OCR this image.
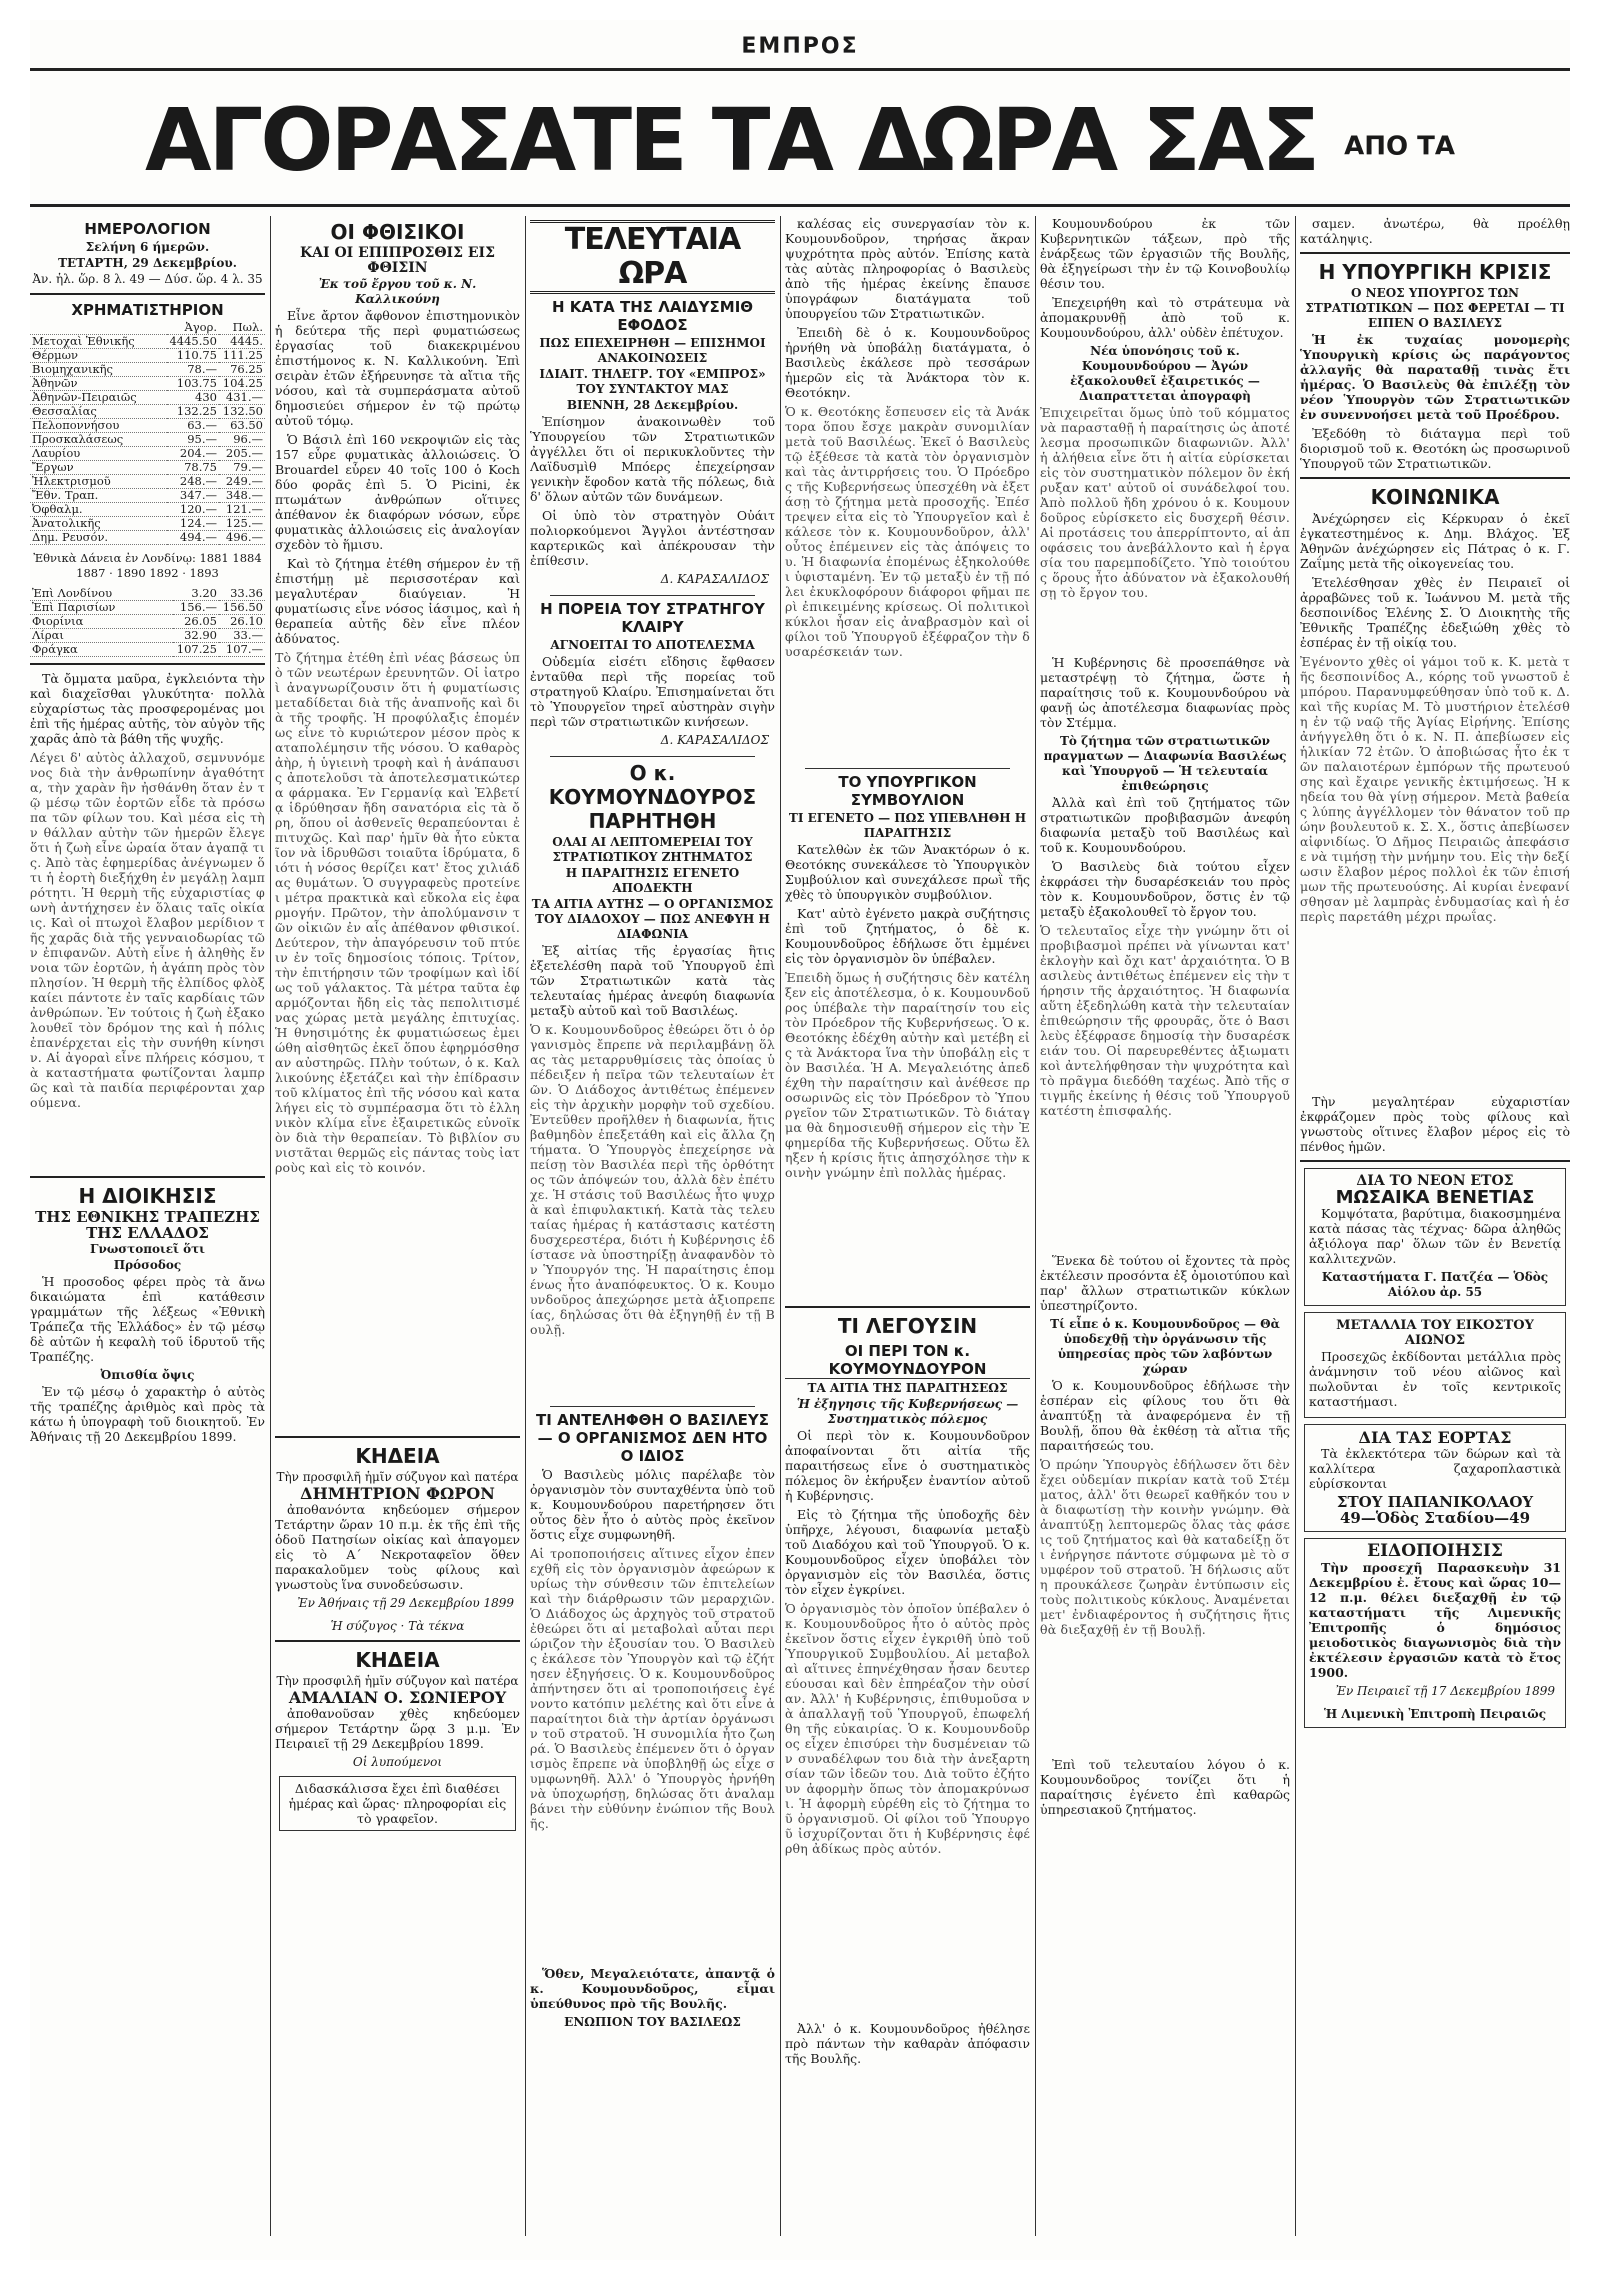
ΕΜΠΡΟΣ
ΑΓΟΡΑΣΑΤΕ ΤΑ ΔΩΡΑ ΣΑΣ ΑΠΟ ΤΑ
ΗΜΕΡΟΛΟΓΙΟΝ
Σελήνη 6 ήμερῶν.
ΤΕΤΑΡΤΗ, 29 Δεκεμβρίου.
Ἀν. ἡλ. ὥρ. 8 λ. 49 — Δύσ. ὥρ. 4 λ. 35
ΧΡΗΜΑΤΙΣΤΗΡΙΟΝ
	Ἀγορ.	Πωλ.
Μετοχαὶ Ἐθνικῆς	4445.50	4445.
Θέρμων	110.75	111.25
Βιομηχανικῆς	78.—	76.25
Ἀθηνῶν	103.75	104.25
Ἀθηνῶν-Πειραιῶς	430	431.—
Θεσσαλίας	132.25	132.50
Πελοποννήσου	63.—	63.50
Προσκαλάσεως	95.—	96.—
Λαυρίου	204.—	205.—
Ἔργων	78.75	79.—
Ἠλεκτρισμοῦ	248.—	249.—
Ἔθν. Τραπ.	347.—	348.—
Ὀφθαλμ.	120.—	121.—
Ἀνατολικῆς	124.—	125.—
Δημ. Ρευσόν.	494.—	496.—
Ἐθνικὰ Δάνεια ἐν Λονδίνῳ: 1881 1884 1887 · 1890 1892 · 1893
Ἐπὶ Λονδίνου	3.20	33.36
Ἐπὶ Παρισίων	156.—	156.50
Φιορίνια	26.05	26.10
Λίραι	32.90	33.—
Φράγκα	107.25	107.—

Τὰ ὄμματα μαῦρα, ἐγκλειόντα τὴν καὶ διαχεῖσθαι γλυκύτητα· πολλὰ εὐχαρίστως τὰς προσφερομένας μοι ἐπὶ τῆς ἡμέρας αὐτῆς, τὸν αὐγὸν τῆς χαρᾶς ἀπὸ τὰ βάθη τῆς ψυχῆς.

Λέγει δ' αὐτὸς ἀλλαχοῦ, σεμνυνόμενος διὰ τὴν ἀνθρωπίνην ἀγαθότητα, τὴν χαρὰν ἣν ἠσθάνθη ὅταν ἐν τῷ μέσῳ τῶν ἐορτῶν εἶδε τὰ πρόσωπα τῶν φίλων του. Καὶ μέσα εἰς τὴν θάλλαν αὐτὴν τῶν ἡμερῶν ἔλεγε ὅτι ἡ ζωὴ εἶνε ὡραία ὅταν ἀγαπᾷ τις. Ἀπὸ τὰς ἐφημερίδας ἀνέγνωμεν ὅτι ἡ ἐορτὴ διεξήχθη ἐν μεγάλῃ λαμπρότητι. Ἡ θερμὴ τῆς εὐχαριστίας φωνὴ ἀντήχησεν ἐν ὅλαις ταῖς οἰκίαις. Καὶ οἱ πτωχοὶ ἔλαβον μερίδιον τῆς χαρᾶς διὰ τῆς γενναιοδωρίας τῶν ἐπιφανῶν. Αὐτὴ εἶνε ἡ ἀληθὴς ἔννοια τῶν ἐορτῶν, ἡ ἀγάπη πρὸς τὸν πλησίον. Ἡ θερμὴ τῆς ἐλπίδος φλὸξ καίει πάντοτε ἐν ταῖς καρδίαις τῶν ἀνθρώπων. Ἐν τούτοις ἡ ζωὴ ἐξακολουθεῖ τὸν δρόμον της καὶ ἡ πόλις ἐπανέρχεται εἰς τὴν συνήθη κίνησιν. Αἱ ἀγοραὶ εἶνε πλήρεις κόσμου, τὰ καταστήματα φωτίζονται λαμπρῶς καὶ τὰ παιδία περιφέρονται χαρούμενα.
Η ΔΙΟΙΚΗΣΙΣ
ΤΗΣ ΕΘΝΙΚΗΣ ΤΡΑΠΕΖΗΣ
ΤΗΣ ΕΛΛΑΔΟΣ
Γνωστοποιεῖ ὅτι
Πρόσοδος

Ἡ προσοδος φέρει πρὸς τὰ ἄνω δικαιώματα ἐπὶ κατάθεσιν γραμμάτων τῆς λέξεως «Ἐθνικὴ Τράπεζα τῆς Ἑλλάδος» ἐν τῷ μέσῳ δὲ αὐτῶν ἡ κεφαλὴ τοῦ ἱδρυτοῦ τῆς Τραπέζης.

Ὀπισθία ὄψις

Ἐν τῷ μέσῳ ὁ χαρακτὴρ ὁ αὐτὸς τῆς τραπέζης ἀριθμὸς καὶ πρὸς τὰ κάτω ἡ ὑπογραφὴ τοῦ διοικητοῦ. Ἐν Ἀθήναις τῇ 20 Δεκεμβρίου 1899.

ΟΙ ΦΘΙΣΙΚΟΙ
ΚΑΙ ΟΙ ΕΠΙΠΡΟΣΘΙΣ ΕΙΣ ΦΘΙΣΙΝ
Ἐκ τοῦ ἔργου τοῦ κ. Ν. Καλλικούνη

Εἶνε ἄρτον ἄφθονον ἐπιστημονικὸν ἡ δεύτερα τῆς περὶ φυματιώσεως ἐργασίας τοῦ διακεκριμένου ἐπιστήμονος κ. Ν. Καλλικούνη. Ἐπὶ σειρὰν ἐτῶν ἐξήρευνησε τὰ αἴτια τῆς νόσου, καὶ τὰ συμπεράσματα αὐτοῦ δημοσιεύει σήμερον ἐν τῷ πρώτῳ αὐτοῦ τόμῳ.

Ὁ Βάσιλ ἐπὶ 160 νεκροψιῶν εἰς τὰς 157 εὗρε φυματικὰς ἀλλοιώσεις. Ὁ Brouardel εὗρεν 40 τοῖς 100 ὁ Koch δύο φορᾶς ἐπὶ 5. Ὁ Picini, ἐκ πτωμάτων ἀνθρώπων οἵτινες ἀπέθανον ἐκ διαφόρων νόσων, εὗρε φυματικὰς ἀλλοιώσεις εἰς ἀναλογίαν σχεδὸν τὸ ἥμισυ.

Καὶ τὸ ζήτημα ἐτέθη σήμερον ἐν τῇ ἐπιστήμῃ μὲ περισσοτέραν καὶ μεγαλυτέραν διαύγειαν. Ἡ φυματίωσις εἶνε νόσος ἰάσιμος, καὶ ἡ θεραπεία αὐτῆς δὲν εἶνε πλέον ἀδύνατος.

Τὸ ζήτημα ἐτέθη ἐπὶ νέας βάσεως ὑπὸ τῶν νεωτέρων ἐρευνητῶν. Οἱ ἰατροὶ ἀναγνωρίζουσιν ὅτι ἡ φυματίωσις μεταδίδεται διὰ τῆς ἀναπνοῆς καὶ διὰ τῆς τροφῆς. Ἡ προφύλαξις ἑπομένως εἶνε τὸ κυριώτερον μέσον πρὸς καταπολέμησιν τῆς νόσου. Ὁ καθαρὸς ἀὴρ, ἡ ὑγιεινὴ τροφὴ καὶ ἡ ἀνάπαυσις ἀποτελοῦσι τὰ ἀποτελεσματικώτερα φάρμακα. Ἐν Γερμανίᾳ καὶ Ἑλβετίᾳ ἱδρύθησαν ἤδη σανατόρια εἰς τὰ ὄρη, ὅπου οἱ ἀσθενεῖς θεραπεύονται ἐπιτυχῶς. Καὶ παρ' ἡμῖν θὰ ἦτο εὐκταῖον νὰ ἱδρυθῶσι τοιαῦτα ἱδρύματα, διότι ἡ νόσος θερίζει κατ' ἔτος χιλιάδας θυμάτων. Ὁ συγγραφεὺς προτείνει μέτρα πρακτικὰ καὶ εὔκολα εἰς ἐφαρμογήν. Πρῶτον, τὴν ἀπολύμανσιν τῶν οἰκιῶν ἐν αἷς ἀπέθανον φθισικοί. Δεύτερον, τὴν ἀπαγόρευσιν τοῦ πτύειν ἐν τοῖς δημοσίοις τόποις. Τρίτον, τὴν ἐπιτήρησιν τῶν τροφίμων καὶ ἰδίως τοῦ γάλακτος. Τὰ μέτρα ταῦτα ἐφαρμόζονται ἤδη εἰς τὰς πεπολιτισμένας χώρας μετὰ μεγάλης ἐπιτυχίας. Ἡ θνησιμότης ἐκ φυματιώσεως ἐμειώθη αἰσθητῶς ἐκεῖ ὅπου ἐφηρμόσθησαν αὐστηρῶς. Πλὴν τούτων, ὁ κ. Καλλικούνης ἐξετάζει καὶ τὴν ἐπίδρασιν τοῦ κλίματος ἐπὶ τῆς νόσου καὶ καταλήγει εἰς τὸ συμπέρασμα ὅτι τὸ ἑλληνικὸν κλίμα εἶνε ἐξαιρετικῶς εὐνοϊκὸν διὰ τὴν θεραπείαν. Τὸ βιβλίον συνιστᾶται θερμῶς εἰς πάντας τοὺς ἰατροὺς καὶ εἰς τὸ κοινόν.
ΚΗΔΕΙΑ
Τὴν προσφιλῆ ἡμῖν σύζυγον καὶ πατέρα
ΔΗΜΗΤΡΙΟΝ ΦΩΡΟΝ

ἀποθανόντα κηδεύομεν σήμερον Τετάρτην ὥραν 10 π.μ. ἐκ τῆς ἐπὶ τῆς ὁδοῦ Πατησίων οἰκίας καὶ ἀπαγομεν εἰς τὸ Α΄ Νεκροταφεῖον ὅθεν παρακαλοῦμεν τοὺς φίλους καὶ γνωστοὺς ἵνα συνοδεύσωσιν.

Ἐν Ἀθήναις τῇ 29 Δεκεμβρίου 1899
Ἡ σύζυγος · Τὰ τέκνα
ΚΗΔΕΙΑ
Τὴν προσφιλῆ ἡμῖν σύζυγον καὶ πατέρα
ΑΜΑΛΙΑΝ Ο. ΣΩΝΙΕΡΟΥ

ἀποθανοῦσαν χθὲς κηδεύομεν σήμερον Τετάρτην ὥρᾳ 3 μ.μ. Ἐν Πειραιεῖ τῇ 29 Δεκεμβρίου 1899.

Οἱ λυπούμενοι
Διδασκάλισσα ἔχει ἐπὶ διαθέσει ἡμέρας καὶ ὥρας· πληροφορίαι εἰς τὸ γραφεῖον.
ΤΕΛΕΥΤΑΙΑ ΩΡΑ
Η ΚΑΤΑ ΤΗΣ ΛΑΙΔΥΣΜΙΘ ΕΦΟΔΟΣ
ΠΩΣ ΕΠΕΧΕΙΡΗΘΗ — ΕΠΙΣΗΜΟΙ ΑΝΑΚΟΙΝΩΣΕΙΣ
ΙΔΙΑΙΤ. ΤΗΛΕΓΡ. ΤΟΥ «ΕΜΠΡΟΣ» ΤΟΥ ΣΥΝΤΑΚΤΟΥ ΜΑΣ
ΒΙΕΝΝΗ, 28 Δεκεμβρίου.

Ἐπίσημον ἀνακοινωθὲν τοῦ Ὑπουργείου τῶν Στρατιωτικῶν ἀγγέλλει ὅτι οἱ περικυκλοῦντες τὴν Λαϊδυσμὶθ Μπόερς ἐπεχείρησαν γενικὴν ἔφοδον κατὰ τῆς πόλεως, διὰ δ' ὅλων αὐτῶν τῶν δυνάμεων.

Οἱ ὑπὸ τὸν στρατηγὸν Οὐάιτ πολιορκούμενοι Ἄγγλοι ἀντέστησαν καρτερικῶς καὶ ἀπέκρουσαν τὴν ἐπίθεσιν.

Δ. ΚΑΡΑΣΑΛΙΔΟΣ
Η ΠΟΡΕΙΑ ΤΟΥ ΣΤΡΑΤΗΓΟΥ ΚΛΑΙΡΥ
ΑΓΝΟΕΙΤΑΙ ΤΟ ΑΠΟΤΕΛΕΣΜΑ

Οὐδεμία εἰσέτι εἴδησις ἔφθασεν ἐνταῦθα περὶ τῆς πορείας τοῦ στρατηγοῦ Κλαίρυ. Ἐπισημαίνεται ὅτι τὸ Ὑπουργεῖον τηρεῖ αὐστηρὰν σιγὴν περὶ τῶν στρατιωτικῶν κινήσεων.

Δ. ΚΑΡΑΣΑΛΙΔΟΣ
Ο κ. ΚΟΥΜΟΥΝΔΟΥΡΟΣ ΠΑΡΗΤΗΘΗ
ΟΛΑΙ ΑΙ ΛΕΠΤΟΜΕΡΕΙΑΙ ΤΟΥ ΣΤΡΑΤΙΩΤΙΚΟΥ ΖΗΤΗΜΑΤΟΣ
Η ΠΑΡΑΙΤΗΣΙΣ ΕΓΕΝΕΤΟ ΑΠΟΔΕΚΤΗ
ΤΑ ΑΙΤΙΑ ΑΥΤΗΣ — Ο ΟΡΓΑΝΙΣΜΟΣ ΤΟΥ ΔΙΑΔΟΧΟΥ — ΠΩΣ ΑΝΕΦΥΗ Η ΔΙΑΦΩΝΙΑ

Ἐξ αἰτίας τῆς ἐργασίας ἣτις ἐξετελέσθη παρὰ τοῦ Ὑπουργοῦ ἐπὶ τῶν Στρατιωτικῶν κατὰ τὰς τελευταίας ἡμέρας ἀνεφύη διαφωνία μεταξὺ αὐτοῦ καὶ τοῦ Βασιλέως.

Ὁ κ. Κουμουνδοῦρος ἐθεώρει ὅτι ὁ ὀργανισμὸς ἔπρεπε νὰ περιλαμβάνῃ ὅλας τὰς μεταρρυθμίσεις τὰς ὁποίας ὑπέδειξεν ἡ πεῖρα τῶν τελευταίων ἐτῶν. Ὁ Διάδοχος ἀντιθέτως ἐπέμενεν εἰς τὴν ἀρχικὴν μορφὴν τοῦ σχεδίου. Ἐντεῦθεν προῆλθεν ἡ διαφωνία, ἥτις βαθμηδὸν ἐπεξετάθη καὶ εἰς ἄλλα ζητήματα. Ὁ Ὑπουργὸς ἐπεχείρησε νὰ πείσῃ τὸν Βασιλέα περὶ τῆς ὀρθότητος τῶν ἀπόψεών του, ἀλλὰ δὲν ἐπέτυχε. Ἡ στάσις τοῦ Βασιλέως ἦτο ψυχρὰ καὶ ἐπιφυλακτική. Κατὰ τὰς τελευταίας ἡμέρας ἡ κατάστασις κατέστη δυσχερεστέρα, διότι ἡ Κυβέρνησις ἐδίστασε νὰ ὑποστηρίξῃ ἀναφανδὸν τὸν Ὑπουργόν της. Ἡ παραίτησις ἑπομένως ἦτο ἀναπόφευκτος. Ὁ κ. Κουμουνδοῦρος ἀπεχώρησε μετὰ ἀξιοπρεπείας, δηλώσας ὅτι θὰ ἐξηγηθῇ ἐν τῇ Βουλῇ.
ΤΙ ΑΝΤΕΛΗΦΘΗ Ο ΒΑΣΙΛΕΥΣ — Ο ΟΡΓΑΝΙΣΜΟΣ ΔΕΝ ΗΤΟ Ο ΙΔΙΟΣ

Ὁ Βασιλεὺς μόλις παρέλαβε τὸν ὀργανισμὸν τὸν συνταχθέντα ὑπὸ τοῦ κ. Κουμουνδούρου παρετήρησεν ὅτι οὗτος δὲν ἦτο ὁ αὐτὸς πρὸς ἐκεῖνον ὅστις εἶχε συμφωνηθῆ.

Αἱ τροποποιήσεις αἵτινες εἶχον ἐπενεχθῆ εἰς τὸν ὀργανισμὸν ἀφεώρων κυρίως τὴν σύνθεσιν τῶν ἐπιτελείων καὶ τὴν διάρθρωσιν τῶν μεραρχιῶν. Ὁ Διάδοχος ὡς ἀρχηγὸς τοῦ στρατοῦ ἐθεώρει ὅτι αἱ μεταβολαὶ αὗται περιώριζον τὴν ἐξουσίαν του. Ὁ Βασιλεὺς ἐκάλεσε τὸν Ὑπουργὸν καὶ τῷ ἐζήτησεν ἐξηγήσεις. Ὁ κ. Κουμουνδοῦρος ἀπήντησεν ὅτι αἱ τροποποιήσεις ἐγένοντο κατόπιν μελέτης καὶ ὅτι εἶνε ἀπαραίτητοι διὰ τὴν ἀρτίαν ὀργάνωσιν τοῦ στρατοῦ. Ἡ συνομιλία ἦτο ζωηρά. Ὁ Βασιλεὺς ἐπέμενεν ὅτι ὁ ὀργανισμὸς ἔπρεπε νὰ ὑποβληθῇ ὡς εἶχε συμφωνηθῆ. Ἀλλ' ὁ Ὑπουργὸς ἠρνήθη νὰ ὑποχωρήσῃ, δηλώσας ὅτι ἀναλαμβάνει τὴν εὐθύνην ἐνώπιον τῆς Βουλῆς.

Ὅθεν, Μεγαλειότατε, ἀπαντᾷ ὁ κ. Κουμουνδοῦρος, εἶμαι ὑπεύθυνος πρὸ τῆς Βουλῆς.

ΕΝΩΠΙΟΝ ΤΟΥ ΒΑΣΙΛΕΩΣ

καλέσας εἰς συνεργασίαν τὸν κ. Κουμουνδοῦρον, τηρήσας ἄκραν ψυχρότητα πρὸς αὐτόν. Ἐπίσης κατὰ τὰς αὐτὰς πληροφορίας ὁ Βασιλεὺς ἀπὸ τῆς ἡμέρας ἐκείνης ἔπαυσε ὑπογράφων διατάγματα τοῦ ὑπουργείου τῶν Στρατιωτικῶν.

Ἐπειδὴ δὲ ὁ κ. Κουμουνδοῦρος ἠρνήθη νὰ ὑποβάλῃ διατάγματα, ὁ Βασιλεὺς ἐκάλεσε πρὸ τεσσάρων ἡμερῶν εἰς τὰ Ἀνάκτορα τὸν κ. Θεοτόκην.

Ὁ κ. Θεοτόκης ἔσπευσεν εἰς τὰ Ἀνάκτορα ὅπου ἔσχε μακρὰν συνομιλίαν μετὰ τοῦ Βασιλέως. Ἐκεῖ ὁ Βασιλεὺς τῷ ἐξέθεσε τὰ κατὰ τὸν ὀργανισμὸν καὶ τὰς ἀντιρρήσεις του. Ὁ Πρόεδρος τῆς Κυβερνήσεως ὑπεσχέθη νὰ ἐξετάσῃ τὸ ζήτημα μετὰ προσοχῆς. Ἐπέστρεψεν εἶτα εἰς τὸ Ὑπουργεῖον καὶ ἐκάλεσε τὸν κ. Κουμουνδοῦρον, ἀλλ' οὗτος ἐπέμεινεν εἰς τὰς ἀπόψεις του. Ἡ διαφωνία ἐπομένως ἐξηκολούθει ὑφισταμένη. Ἐν τῷ μεταξὺ ἐν τῇ πόλει ἐκυκλοφόρουν διάφοροι φῆμαι περὶ ἐπικειμένης κρίσεως. Οἱ πολιτικοὶ κύκλοι ἦσαν εἰς ἀναβρασμὸν καὶ οἱ φίλοι τοῦ Ὑπουργοῦ ἐξέφραζον τὴν δυσαρέσκειάν των.
ΤΟ ΥΠΟΥΡΓΙΚΟΝ ΣΥΜΒΟΥΛΙΟΝ
ΤΙ ΕΓΕΝΕΤΟ — ΠΩΣ ΥΠΕΒΛΗΘΗ Η ΠΑΡΑΙΤΗΣΙΣ

Κατελθὼν ἐκ τῶν Ἀνακτόρων ὁ κ. Θεοτόκης συνεκάλεσε τὸ Ὑπουργικὸν Συμβούλιον καὶ συνεχάλεσε πρωῒ τῆς χθὲς τὸ ὑπουργικὸν συμβούλιον.

Κατ' αὐτὸ ἐγένετο μακρὰ συζήτησις ἐπὶ τοῦ ζητήματος, ὁ δὲ κ. Κουμουνδοῦρος ἐδήλωσε ὅτι ἐμμένει εἰς τὸν ὀργανισμὸν ὃν ὑπέβαλεν.

Ἐπειδὴ ὅμως ἡ συζήτησις δὲν κατέληξεν εἰς ἀποτέλεσμα, ὁ κ. Κουμουνδοῦρος ὑπέβαλε τὴν παραίτησίν του εἰς τὸν Πρόεδρον τῆς Κυβερνήσεως. Ὁ κ. Θεοτόκης ἐδέχθη αὐτὴν καὶ μετέβη εἰς τὰ Ἀνάκτορα ἵνα τὴν ὑποβάλῃ εἰς τὸν Βασιλέα. Ἡ Α. Μεγαλειότης ἀπεδέχθη τὴν παραίτησιν καὶ ἀνέθεσε προσωρινῶς εἰς τὸν Πρόεδρον τὸ Ὑπουργεῖον τῶν Στρατιωτικῶν. Τὸ διάταγμα θὰ δημοσιευθῇ σήμερον εἰς τὴν Ἐφημερίδα τῆς Κυβερνήσεως. Οὕτω ἔληξεν ἡ κρίσις ἥτις ἀπησχόλησε τὴν κοινὴν γνώμην ἐπὶ πολλὰς ἡμέρας.
ΤΙ ΛΕΓΟΥΣΙΝ
ΟΙ ΠΕΡΙ ΤΟΝ κ. ΚΟΥΜΟΥΝΔΟΥΡΟΝ
ΤΑ ΑΙΤΙΑ ΤΗΣ ΠΑΡΑΙΤΗΣΕΩΣ
Ἡ ἐξηγησις τῆς Κυβερνήσεως — Συστηματικὸς πόλεμος

Οἱ περὶ τὸν κ. Κουμουνδοῦρον ἀποφαίνονται ὅτι αἰτία τῆς παραιτήσεως εἶνε ὁ συστηματικὸς πόλεμος ὃν ἐκήρυξεν ἐναντίον αὐτοῦ ἡ Κυβέρνησις.

Εἰς τὸ ζήτημα τῆς ὑποδοχῆς δὲν ὑπῆρχε, λέγουσι, διαφωνία μεταξὺ τοῦ Διαδόχου καὶ τοῦ Ὑπουργοῦ. Ὁ κ. Κουμουνδοῦρος εἶχεν ὑποβάλει τὸν ὀργανισμὸν εἰς τὸν Βασιλέα, ὅστις τὸν εἶχεν ἐγκρίνει.

Ὁ ὀργανισμὸς τὸν ὁποῖον ὑπέβαλεν ὁ κ. Κουμουνδοῦρος ἦτο ὁ αὐτὸς πρὸς ἐκεῖνον ὅστις εἶχεν ἐγκριθῆ ὑπὸ τοῦ Ὑπουργικοῦ Συμβουλίου. Αἱ μεταβολαὶ αἵτινες ἐπηνέχθησαν ἦσαν δευτερεύουσαι καὶ δὲν ἐπηρέαζον τὴν οὐσίαν. Ἀλλ' ἡ Κυβέρνησις, ἐπιθυμοῦσα νὰ ἀπαλλαγῇ τοῦ Ὑπουργοῦ, ἐπωφελήθη τῆς εὐκαιρίας. Ὁ κ. Κουμουνδοῦρος εἶχεν ἐπισύρει τὴν δυσμένειαν τῶν συναδέλφων του διὰ τὴν ἀνεξαρτησίαν τῶν ἰδεῶν του. Διὰ τοῦτο ἐζήτουν ἀφορμὴν ὅπως τὸν ἀπομακρύνωσι. Ἡ ἀφορμὴ εὑρέθη εἰς τὸ ζήτημα τοῦ ὀργανισμοῦ. Οἱ φίλοι τοῦ Ὑπουργοῦ ἰσχυρίζονται ὅτι ἡ Κυβέρνησις ἐφέρθη ἀδίκως πρὸς αὐτόν.

Ἀλλ' ὁ κ. Κουμουνδοῦρος ἠθέλησε πρὸ πάντων τὴν καθαρὰν ἀπόφασιν τῆς Βουλῆς.

Κουμουνδούρου ἐκ τῶν Κυβερνητικῶν τάξεων, πρὸ τῆς ἐνάρξεως τῶν ἐργασιῶν τῆς Βουλῆς, θὰ ἐξηγείρωσι τὴν ἐν τῷ Κοινοβουλίῳ θέσιν του.

Ἐπεχειρήθη καὶ τὸ στράτευμα νὰ ἀπομακρυνθῇ ἀπὸ τοῦ κ. Κουμουνδούρου, ἀλλ' οὐδὲν ἐπέτυχον.

Νέα ὑπονόησις τοῦ κ. Κουμουνδούρου — Ἀγών ἐξακολουθεῖ ἐξαιρετικός — Διαπραττεται ἀπογραφὴ
Ἐπιχειρεῖται ὅμως ὑπὸ τοῦ κόμματος νὰ παρασταθῇ ἡ παραίτησις ὡς ἀποτέλεσμα προσωπικῶν διαφωνιῶν. Ἀλλ' ἡ ἀλήθεια εἶνε ὅτι ἡ αἰτία εὑρίσκεται εἰς τὸν συστηματικὸν πόλεμον ὃν ἐκήρυξαν κατ' αὐτοῦ οἱ συνάδελφοί του. Ἀπὸ πολλοῦ ἤδη χρόνου ὁ κ. Κουμουνδοῦρος εὑρίσκετο εἰς δυσχερῆ θέσιν. Αἱ προτάσεις του ἀπερρίπτοντο, αἱ ἀποφάσεις του ἀνεβάλλοντο καὶ ἡ ἐργασία του παρεμποδίζετο. Ὑπὸ τοιούτους ὅρους ἦτο ἀδύνατον νὰ ἐξακολουθήσῃ τὸ ἔργον του.

Ἡ Κυβέρνησις δὲ προσεπάθησε νὰ μεταστρέψῃ τὸ ζήτημα, ὥστε ἡ παραίτησις τοῦ κ. Κουμουνδούρου νὰ φανῇ ὡς ἀποτέλεσμα διαφωνίας πρὸς τὸν Στέμμα.

Τὸ ζήτημα τῶν στρατιωτικῶν πραγματων — Διαφωνία Βασιλέως καὶ Ὑπουργοῦ — Ἡ τελευταία ἐπιθεώρησις

Ἀλλὰ καὶ ἐπὶ τοῦ ζητήματος τῶν στρατιωτικῶν προβιβασμῶν ἀνεφύη διαφωνία μεταξὺ τοῦ Βασιλέως καὶ τοῦ κ. Κουμουνδούρου.

Ὁ Βασιλεὺς διὰ τούτου εἶχεν ἐκφράσει τὴν δυσαρέσκειάν του πρὸς τὸν κ. Κουμουνδοῦρον, ὅστις ἐν τῷ μεταξὺ ἐξακολουθεῖ τὸ ἔργον του.

Ὁ τελευταῖος εἶχε τὴν γνώμην ὅτι οἱ προβιβασμοὶ πρέπει νὰ γίνωνται κατ' ἐκλογὴν καὶ ὄχι κατ' ἀρχαιότητα. Ὁ Βασιλεὺς ἀντιθέτως ἐπέμενεν εἰς τὴν τήρησιν τῆς ἀρχαιότητος. Ἡ διαφωνία αὕτη ἐξεδηλώθη κατὰ τὴν τελευταίαν ἐπιθεώρησιν τῆς φρουρᾶς, ὅτε ὁ Βασιλεὺς ἐξέφρασε δημοσίᾳ τὴν δυσαρέσκειάν του. Οἱ παρευρεθέντες ἀξιωματικοὶ ἀντελήφθησαν τὴν ψυχρότητα καὶ τὸ πρᾶγμα διεδόθη ταχέως. Ἀπὸ τῆς στιγμῆς ἐκείνης ἡ θέσις τοῦ Ὑπουργοῦ κατέστη ἐπισφαλής.

Ἕνεκα δὲ τούτου οἱ ἔχοντες τὰ πρὸς ἐκτέλεσιν προσόντα ἐξ ὀμοιοτύπου καὶ παρ' ἄλλων στρατιωτικῶν κύκλων ὑπεστηρίζοντο.

Τί εἶπε ὁ κ. Κουμουνδοῦρος — Θὰ ὑποδεχθῇ τὴν ὀργάνωσιν τῆς ὑπηρεσίας πρὸς τῶν λαβόντων χώραν

Ὁ κ. Κουμουνδοῦρος ἐδήλωσε τὴν ἑσπέραν εἰς φίλους του ὅτι θὰ ἀναπτύξῃ τὰ ἀναφερόμενα ἐν τῇ Βουλῇ, ὅπου θὰ ἐκθέσῃ τὰ αἴτια τῆς παραιτήσεώς του.

Ὁ πρώην Ὑπουργὸς ἐδήλωσεν ὅτι δὲν ἔχει οὐδεμίαν πικρίαν κατὰ τοῦ Στέμματος, ἀλλ' ὅτι θεωρεῖ καθῆκόν του νὰ διαφωτίσῃ τὴν κοινὴν γνώμην. Θὰ ἀναπτύξῃ λεπτομερῶς ὅλας τὰς φάσεις τοῦ ζητήματος καὶ θὰ καταδείξῃ ὅτι ἐνήργησε πάντοτε σύμφωνα μὲ τὸ συμφέρον τοῦ στρατοῦ. Ἡ δήλωσις αὕτη προυκάλεσε ζωηρὰν ἐντύπωσιν εἰς τοὺς πολιτικοὺς κύκλους. Ἀναμένεται μετ' ἐνδιαφέροντος ἡ συζήτησις ἥτις θὰ διεξαχθῇ ἐν τῇ Βουλῇ.

Ἐπὶ τοῦ τελευταίου λόγου ὁ κ. Κουμουνδοῦρος τονίζει ὅτι ἡ παραίτησις ἐγένετο ἐπὶ καθαρῶς ὑπηρεσιακοῦ ζητήματος.

σαμεν. ἀνωτέρω, θὰ προέλθῃ κατάληψις.

Η ΥΠΟΥΡΓΙΚΗ ΚΡΙΣΙΣ
Ο ΝΕΟΣ ΥΠΟΥΡΓΟΣ ΤΩΝ ΣΤΡΑΤΙΩΤΙΚΩΝ — ΠΩΣ ΦΕΡΕΤΑΙ — ΤΙ ΕΙΠΕΝ Ο ΒΑΣΙΛΕΥΣ

Ἡ ἐκ τυχαίας μονομερὴς Ὑπουργικὴ κρίσις ὡς παράγοντος ἀλλαγῆς θὰ παραταθῇ τινὰς ἔτι ἡμέρας. Ὁ Βασιλεὺς θὰ ἐπιλέξῃ τὸν νέον Ὑπουργὸν τῶν Στρατιωτικῶν ἐν συνεννοήσει μετὰ τοῦ Προέδρου.

Ἐξεδόθη τὸ διάταγμα περὶ τοῦ διορισμοῦ τοῦ κ. Θεοτόκη ὡς προσωρινοῦ Ὑπουργοῦ τῶν Στρατιωτικῶν.

ΚΟΙΝΩΝΙΚΑ

Ἀνέχώρησεν εἰς Κέρκυραν ὁ ἐκεῖ ἐγκατεστημένος κ. Δημ. Βλάχος. Ἐξ Ἀθηνῶν ἀνέχώρησεν εἰς Πάτρας ὁ κ. Γ. Ζαΐμης μετὰ τῆς οἰκογενείας του.

Ἑτελέσθησαν χθὲς ἐν Πειραιεῖ οἱ ἀρραβῶνες τοῦ κ. Ἰωάννου Μ. μετὰ τῆς δεσποινίδος Ἑλένης Σ. Ὁ Διοικητὴς τῆς Ἐθνικῆς Τραπέζης ἐδεξιώθη χθὲς τὸ ἐσπέρας ἐν τῇ οἰκίᾳ του.

Ἐγένοντο χθὲς οἱ γάμοι τοῦ κ. Κ. μετὰ τῆς δεσποινίδος Α., κόρης τοῦ γνωστοῦ ἐμπόρου. Παρανυμφεύθησαν ὑπὸ τοῦ κ. Δ. καὶ τῆς κυρίας Μ. Τὸ μυστήριον ἐτελέσθη ἐν τῷ ναῷ τῆς Ἁγίας Εἰρήνης. Ἐπίσης ἀνήγγελθη ὅτι ὁ κ. Ν. Π. ἀπεβίωσεν εἰς ἡλικίαν 72 ἐτῶν. Ὁ ἀποβιώσας ἦτο ἐκ τῶν παλαιοτέρων ἐμπόρων τῆς πρωτευούσης καὶ ἔχαιρε γενικῆς ἐκτιμήσεως. Ἡ κηδεία του θὰ γίνῃ σήμερον. Μετὰ βαθείας λύπης ἀγγέλλομεν τὸν θάνατον τοῦ πρώην βουλευτοῦ κ. Σ. Χ., ὅστις ἀπεβίωσεν αἰφνιδίως. Ὁ Δῆμος Πειραιῶς ἀπεφάσισε νὰ τιμήσῃ τὴν μνήμην του. Εἰς τὴν δεξίωσιν ἔλαβον μέρος πολλοὶ ἐκ τῶν ἐπισήμων τῆς πρωτευούσης. Αἱ κυρίαι ἐνεφανίσθησαν μὲ λαμπρὰς ἐνδυμασίας καὶ ἡ ἑσπερὶς παρετάθη μέχρι πρωΐας.

Τὴν μεγαλητέραν εὐχαριστίαν ἐκφράζομεν πρὸς τοὺς φίλους καὶ γνωστοὺς οἵτινες ἔλαβον μέρος εἰς τὸ πένθος ἡμῶν.

ΔΙΑ ΤΟ ΝΕΟΝ ΕΤΟΣ
ΜΩΣΑΙΚΑ ΒΕΝΕΤΙΑΣ

Κομψότατα, βαρύτιμα, διακοσμημένα κατὰ πάσας τὰς τέχνας· δῶρα ἀληθῶς ἀξιόλογα παρ' ὅλων τῶν ἐν Βενετίᾳ καλλιτεχνῶν.

Καταστήματα Γ. Πατζέα — Ὁδὸς Αἰόλου ἀρ. 55
ΜΕΤΑΛΛΙΑ ΤΟΥ ΕΙΚΟΣΤΟΥ ΑΙΩΝΟΣ

Προσεχῶς ἐκδίδονται μετάλλια πρὸς ἀνάμνησιν τοῦ νέου αἰῶνος καὶ πωλοῦνται ἐν τοῖς κεντρικοῖς καταστήμασι.

ΔΙΑ ΤΑΣ ΕΟΡΤΑΣ

Τὰ ἐκλεκτότερα τῶν δώρων καὶ τὰ καλλίτερα ζαχαροπλαστικὰ εὑρίσκονται

ΣΤΟΥ ΠΑΠΑΝΙΚΟΛΑΟΥ
49—Ὁδὸς Σταδίου—49
ΕΙΔΟΠΟΙΗΣΙΣ

Τὴν προσεχῆ Παρασκευὴν 31 Δεκεμβρίου ἐ. ἔτους καὶ ὥρας 10—12 π.μ. θέλει διεξαχθῇ ἐν τῷ καταστήματι τῆς Λιμενικῆς Ἐπιτροπῆς ὁ δημόσιος μειοδοτικὸς διαγωνισμὸς διὰ τὴν ἐκτέλεσιν ἐργασιῶν κατὰ τὸ ἔτος 1900.

Ἐν Πειραιεῖ τῇ 17 Δεκεμβρίου 1899
Ἡ Λιμενικὴ Ἐπιτροπὴ Πειραιῶς
